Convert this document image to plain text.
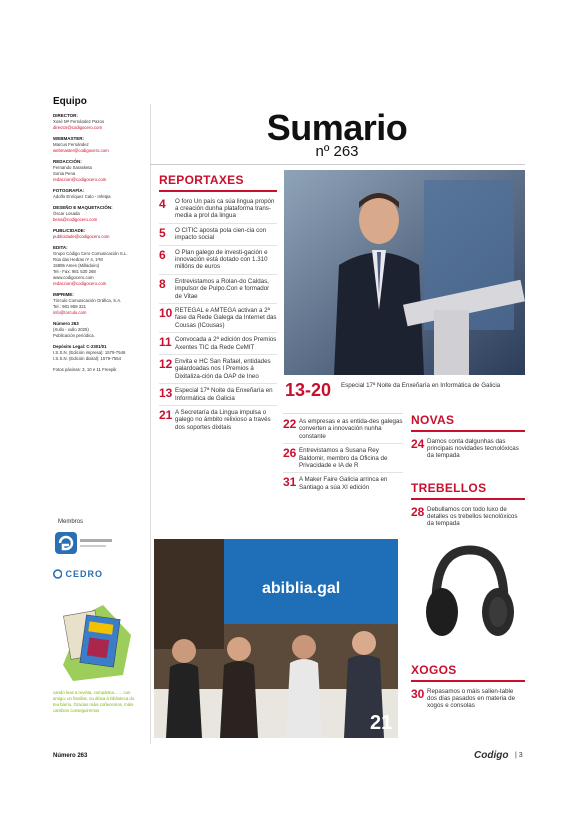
Equipo
DIRECTOR:
Xosé Mª Fernández Pazos
director@codigocero.com
WEBMASTER:
Marcus Fernández
webmaster@codigocero.com
REDACCIÓN:
Fernando Sarasketa
Sonia Pena
redaccion@codigocero.com
FOTOGRAFÍA:
Adolfo Enríquez Calo - Infetpa
DESEÑO E MAQUETACIÓN:
Óscar Losada
bena@codigocero.com
PUBLICIDADE:
publicidade@codigocero.com
EDITA:
Grupo Código Cero Comunicación S.L.
Rúa das Hedras nº 4, 1ºM
15895 Ames (Milladoiro)
Tel.- Fax: 981 530 268
www.codigocero.com
redaccion@codigocero.com
IMPRIME:
Tórculo Comunicación Gráfica, S.A.
Tel.: 981 958 321
info@torculo.com
Número 263
(Xullo - xullo 2025)
Publicación periódica.
Depósito Legal: C-2301/01
I.S.S.N. (Edición impresa): 1579-7546
I.S.S.N. (Edición dixital): 1579-7554
Fotos páxinas: 3, 10 e 11 Freepik
Membros
CEDRO
cando leas a revista, compártea... ... cun amigo, un familiar, ou déixa á biblioteca do teu barrio. Gracias máis coñecemos, máis cambios conseguiremos
Sumario
nº 263
REPORTAXES
4	O foro Un país ca súa lingua propón a creación dunha plataforma trans-media a prol da lingua
5	O CITIC aposta pola cien-cia con impacto social
6	O Plan galego de investi-gación e innovación está dotado con 1.310 millóns de euros
8	Entrevistamos a Rolan-do Caldas, impulsor de Pulpo.Con e formador de Vitae
10 RETEGAL e AMTEGA activan a 2ª fase da Rede Galega da Internet das Cousas (ICousas)
11 Convocada a 2ª edición dos Premios Axentes TIC da Rede CeMIT
12 Envita e HC San Rafael, entidades galardoadas nos I Premios á Dixitaliza-ción da OAP de Ineo
13 Especial 17ª Noite da Enxeñaría en Informática de Galicia
21 A Secretaría da Lingua impulsa o galego no ámbito relixioso a través dos soportes dixitais
13-20 Especial 17ª Noite da Enxeñaría en Informática de Galicia
22 As empresas e as entida-des galegas converten a innovación nunha constante
26 Entrevistamos a Susana Rey Baldomir, membro da Oficina de Privacidade e IA de R
31 A Maker Faire Galicia arrinca en Santiago a súa XI edición
NOVAS
24 Damos conta dalgunhas das principais novidades tecnolóxicas da tempada
TREBELLOS
28 Debullamos con todo luxo de detalles os trebellos tecnolóxicos da tempada
XOGOS
30 Repasamos o máis salien-table dos días pasados en materia de xogos e consolas
abiblia.gal
21
Número 263	Codigo | 3
